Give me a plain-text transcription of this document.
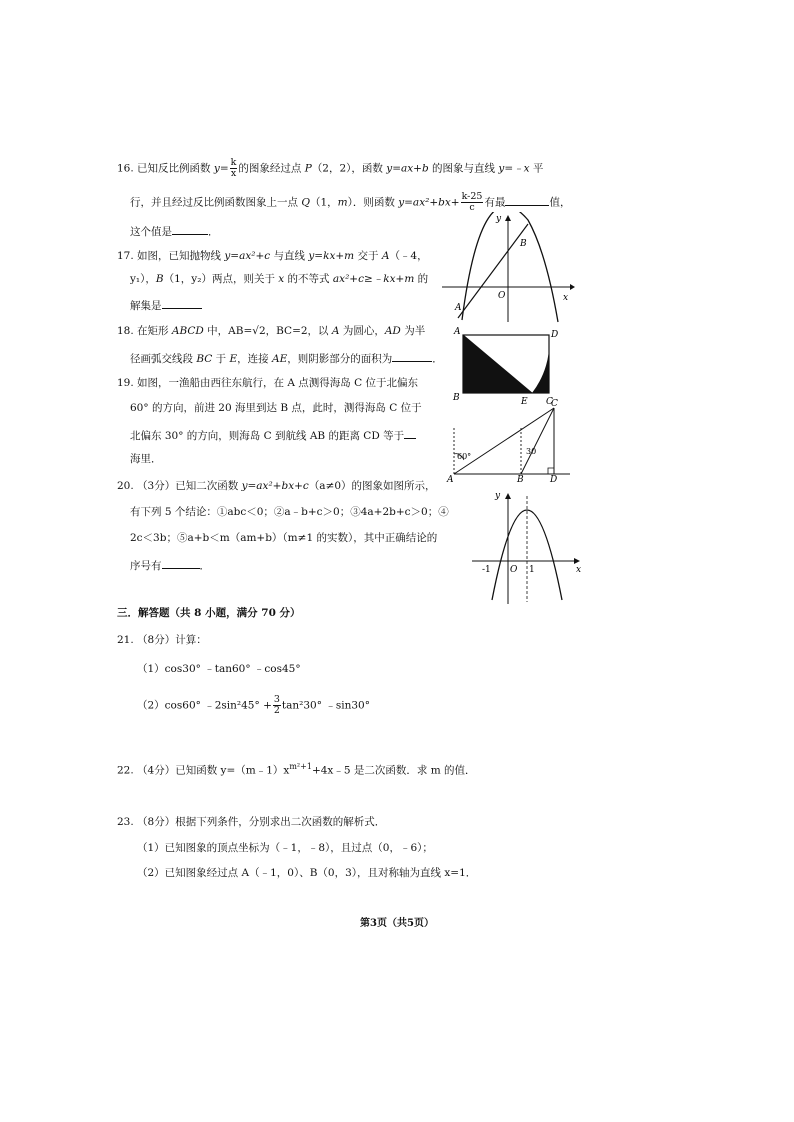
16. 已知反比例函数 $y= \frac{k}{x}$ 的图象经过点 P（2，2），函数 y=ax+b 的图象与直线 y=﹣x 平
行，并且经过反比例函数图象上一点 Q（1，m）．则函数 $y=ax^2+bx+ \frac{k-25}{c}$ 有最	值，
这个值是	．
17. 如图，已知抛物线 y=ax²+c 与直线 y=kx+m 交于 A（﹣4，
y₁），B（1，y₂）两点，则关于 x 的不等式 ax²+c≥﹣kx+m 的
解集是
y
B
O
A
x
18. 在矩形 ABCD 中，AB=√2，BC=2，以 A 为圆心，AD 为半
径画弧交线段 BC 于 E，连接 AE，则阴影部分的面积为	．
A	D
B	E C
19. 如图，一渔船由西往东航行，在 A 点测得海岛 C 位于北偏东
60° 的方向，前进 20 海里到达 B 点，此时，测得海岛 C 位于
北偏东 30° 的方向，则海岛 C 到航线 AB 的距离 CD 等于
海里．
C
60°
30
A	B	D
20. （3分）已知二次函数 y=ax²+bx+c（a≠0）的图象如图所示，
有下列 5 个结论：①abc＜0；②a﹣b+c＞0；③4a+2b+c＞0；④
2c＜3b；⑤a+b＜m（am+b）（m≠1 的实数），其中正确结论的
序号有	．
y
-1 O 1	x
三．解答题（共 8 小题，满分 70 分）
21. （8分）计算：
（1）cos30° ﹣tan60° ﹣cos45°
（2）cos60° ﹣2sin²45° + $\frac{3}{2} \tan^230^\circ$ ﹣sin30°
22. （4分）已知函数 $y=(m﹣1)x^{m^2+1}+4x﹣5$ 是二次函数．求 m 的值．
23. （8分）根据下列条件，分别求出二次函数的解析式．
（1）已知图象的顶点坐标为（﹣1，﹣8），且过点（0，﹣6）；
（2）已知图象经过点 A（﹣1，0）、B（0，3），且对称轴为直线 x=1．
第3页（共5页）
